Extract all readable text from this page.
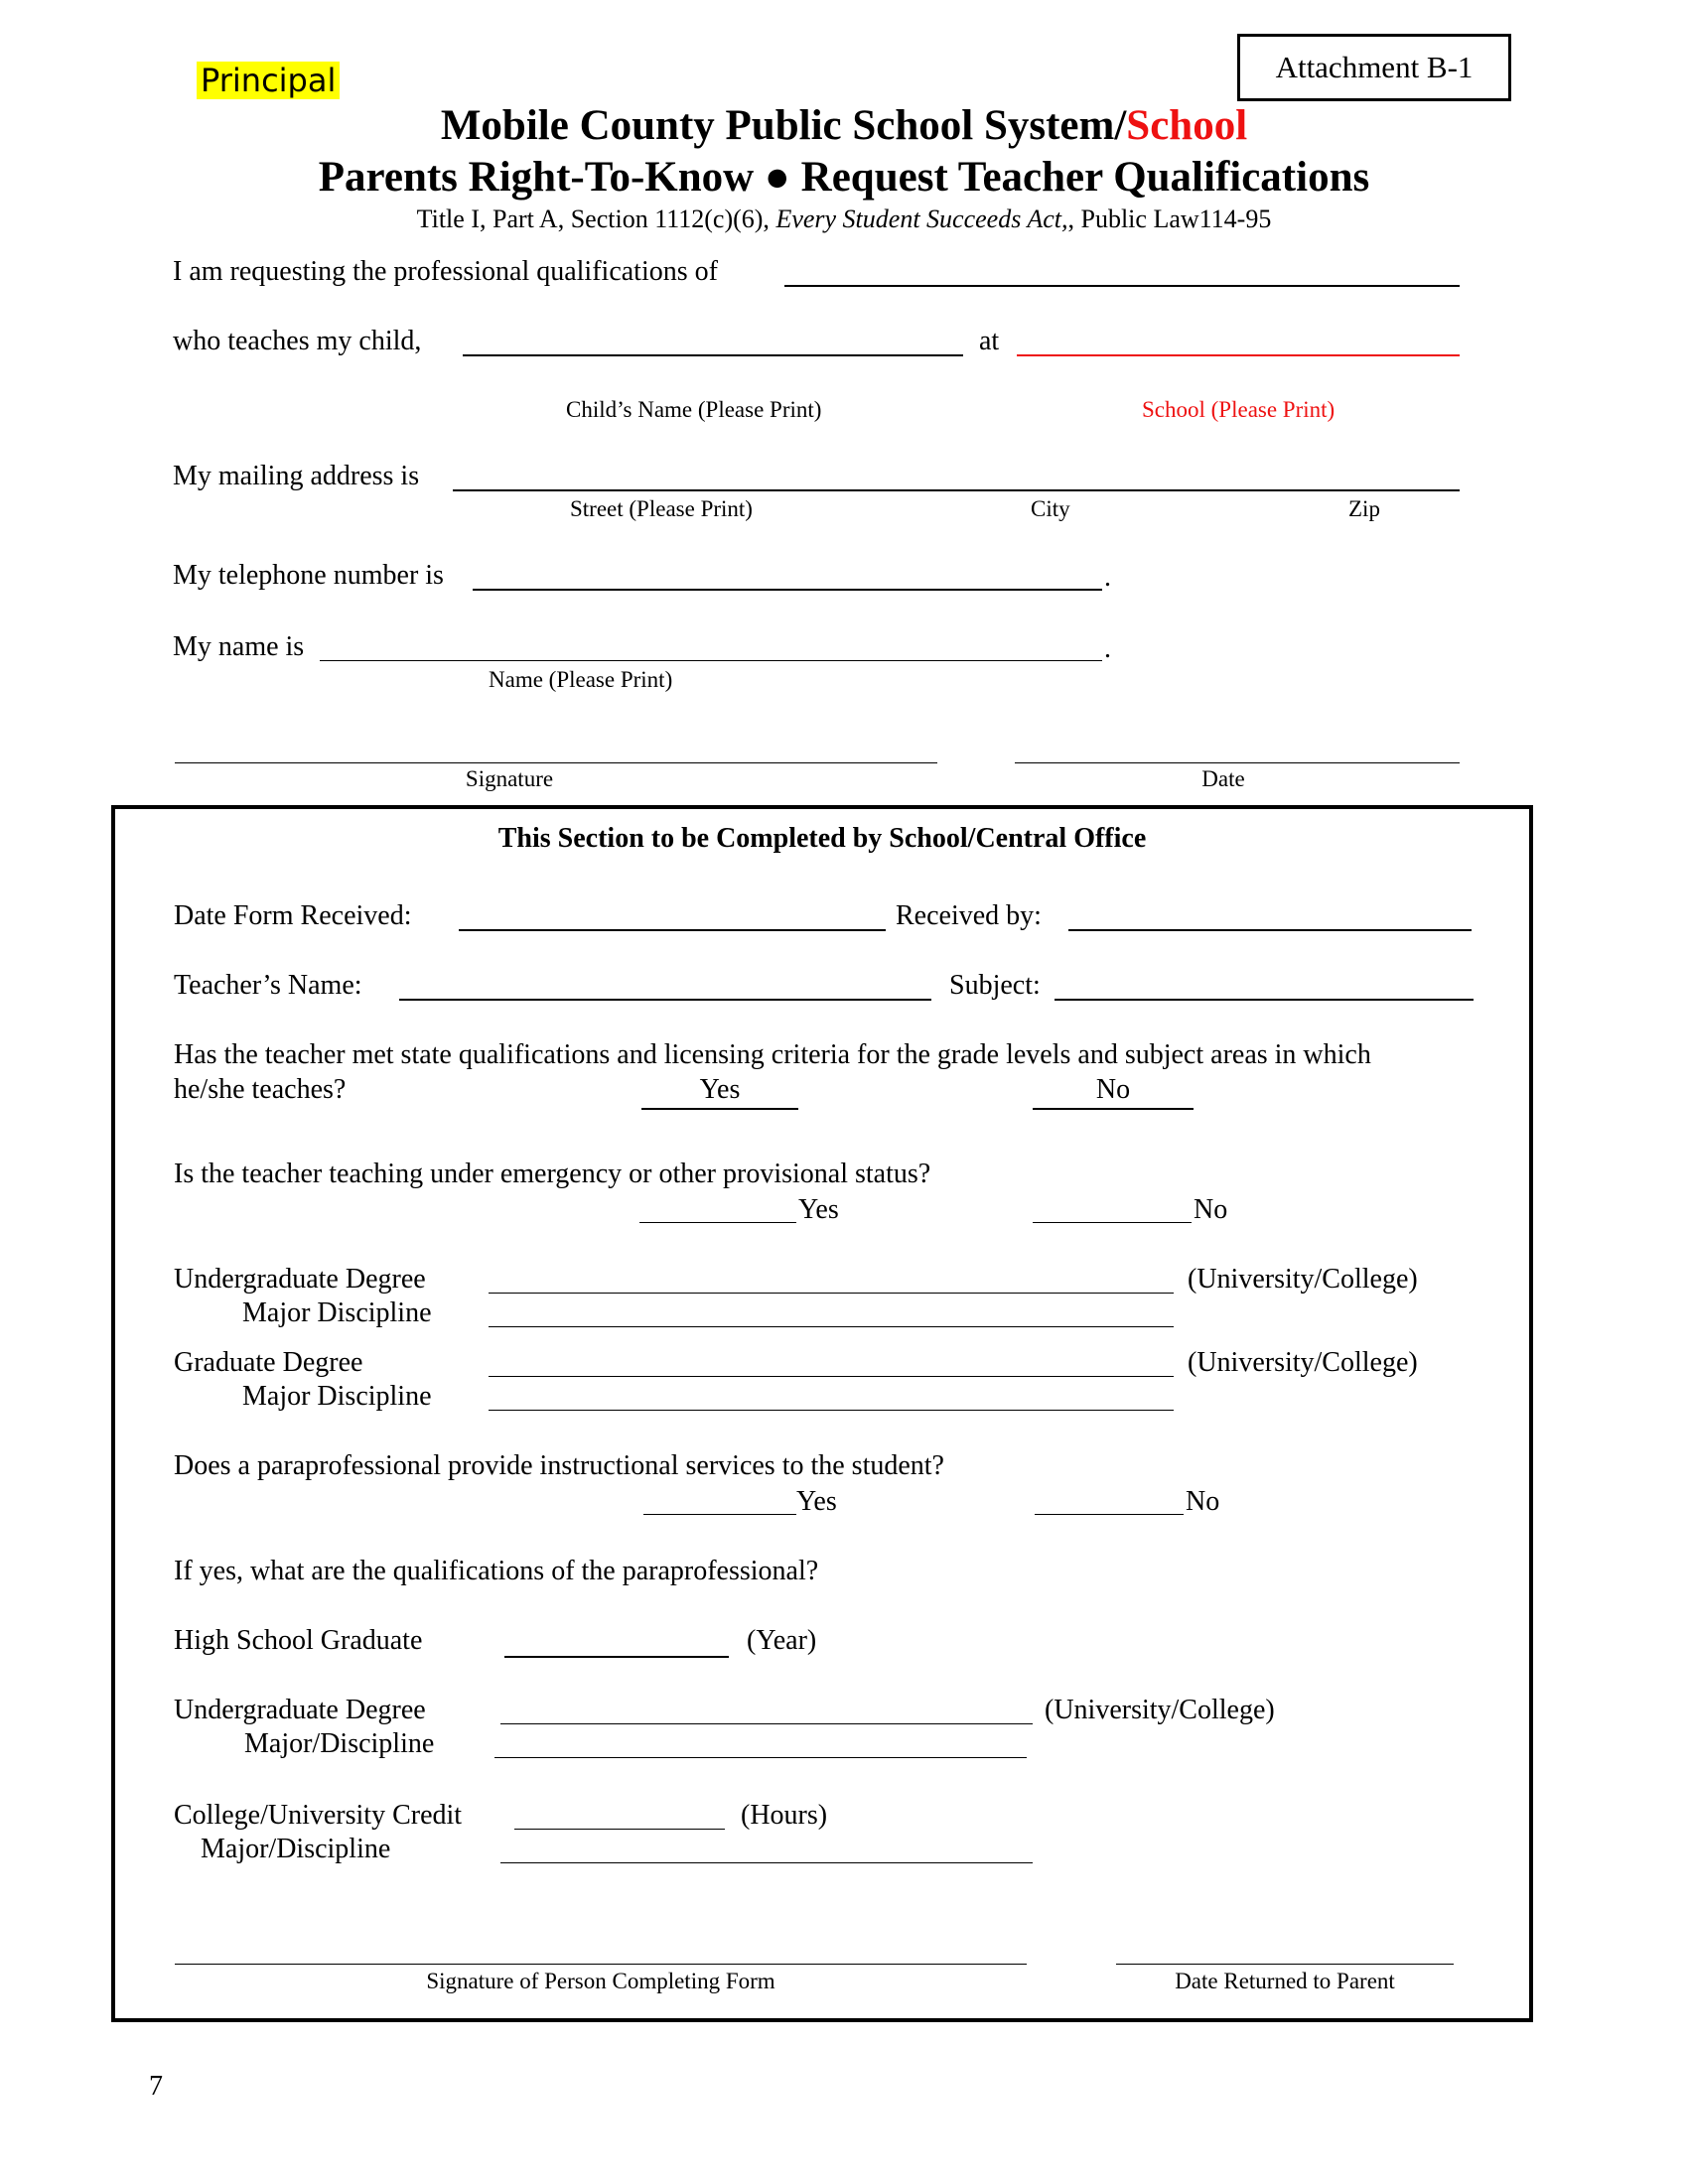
Principal	Attachment B-1
Mobile County Public School System/School
Parents Right-To-Know ● Request Teacher Qualifications
Title I, Part A, Section 1112(c)(6), Every Student Succeeds Act,, Public Law114-95
I am requesting the professional qualifications of
who teaches my child,	at
Child’s Name (Please Print)	School (Please Print)
My mailing address is
Street (Please Print)	City	Zip
My telephone number is	.
My name is	.
Name (Please Print)
Signature	Date
This Section to be Completed by School/Central Office
Date Form Received:	Received by:
Teacher’s Name:	Subject:
Has the teacher met state qualifications and licensing criteria for the grade levels and subject areas in which
he/she teaches?	Yes	No
Is the teacher teaching under emergency or other provisional status?
Yes	No
Undergraduate Degree	(University/College)
Major Discipline
Graduate Degree	(University/College)
Major Discipline
Does a paraprofessional provide instructional services to the student?
Yes	No
If yes, what are the qualifications of the paraprofessional?
High School Graduate	(Year)
Undergraduate Degree	(University/College)
Major/Discipline
College/University Credit	(Hours)
Major/Discipline
Signature of Person Completing Form	Date Returned to Parent
7
